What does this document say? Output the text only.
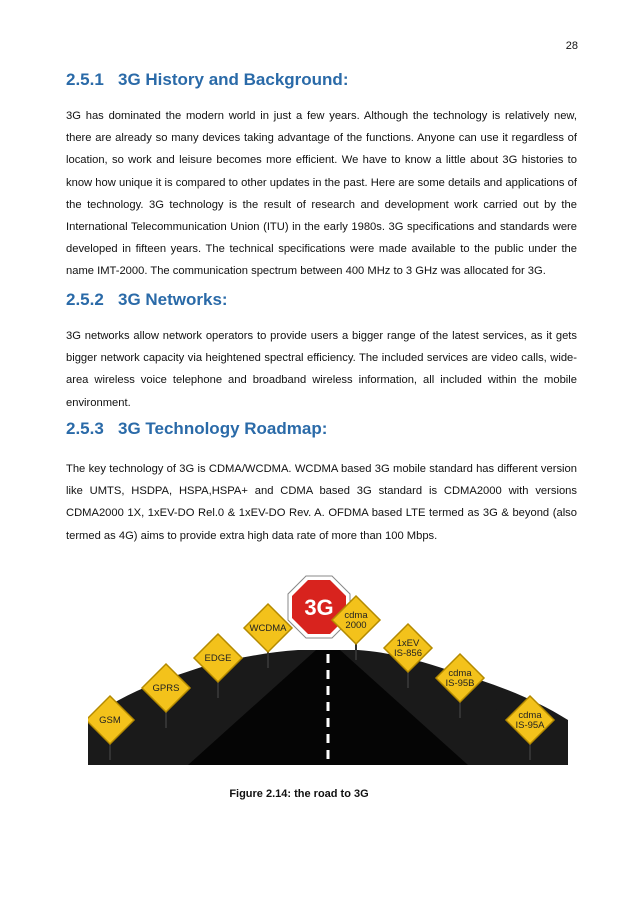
28
2.5.1 3G History and Background:

3G has dominated the modern world in just a few years. Although the technology is relatively new, there are already so many devices taking advantage of the functions. Anyone can use it regardless of location, so work and leisure becomes more efficient. We have to know a little about 3G histories to know how unique it is compared to other updates in the past. Here are some details and applications of the technology. 3G technology is the result of research and development work carried out by the International Telecommunication Union (ITU) in the early 1980s. 3G specifications and standards were developed in fifteen years. The technical specifications were made available to the public under the name IMT-2000. The communication spectrum between 400 MHz to 3 GHz was allocated for 3G.

2.5.2 3G Networks:

3G networks allow network operators to provide users a bigger range of the latest services, as it gets bigger network capacity via heightened spectral efficiency. The included services are video calls, wide-area wireless voice telephone and broadband wireless information, all included within the mobile environment.

2.5.3 3G Technology Roadmap:

The key technology of 3G is CDMA/WCDMA. WCDMA based 3G mobile standard has different version like UMTS, HSDPA, HSPA,HSPA+ and CDMA based 3G standard is CDMA2000 with versions CDMA2000 1X, 1xEV-DO Rel.0 & 1xEV-DO Rev. A. OFDMA based LTE termed as 3G & beyond (also termed as 4G) aims to provide extra high data rate of more than 100 Mbps.

3G
GSM
GPRS
EDGE
WCDMA
cdma
2000
1xEV
IS-856
cdma
IS-95B
cdma
IS-95A
Figure 2.14: the road to 3G
